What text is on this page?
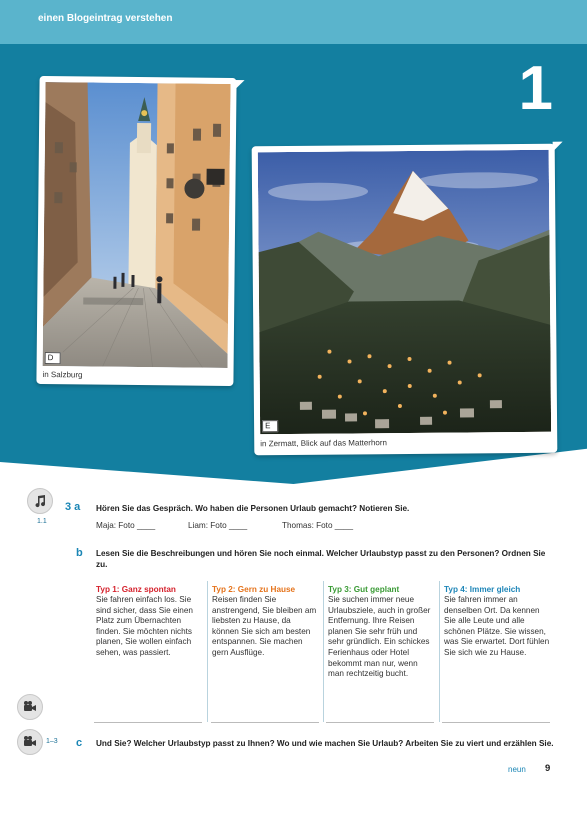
einen Blogeintrag verstehen
1
D
in Salzburg
E
in Zermatt, Blick auf das Matterhorn
1.1
3 a Hören Sie das Gespräch. Wo haben die Personen Urlaub gemacht? Notieren Sie.
Maja: Foto ____	Liam: Foto ____	Thomas: Foto ____
b Lesen Sie die Beschreibungen und hören Sie noch einmal. Welcher Urlaubstyp passt zu den Personen? Ordnen Sie zu.
Typ 1: Ganz spontan
Sie fahren einfach los. Sie sind sicher, dass Sie einen Platz zum Übernachten finden. Sie möchten nichts planen, Sie wollen einfach sehen, was passiert.
Typ 2: Gern zu Hause
Reisen finden Sie anstrengend, Sie bleiben am liebsten zu Hause, da können Sie sich am besten entspannen. Sie machen gern Ausflüge.
Typ 3: Gut geplant
Sie suchen immer neue Urlaubsziele, auch in großer Entfernung. Ihre Reisen planen Sie sehr früh und sehr gründlich. Ein schickes Ferienhaus oder Hotel bekommt man nur, wenn man rechtzeitig bucht.
Typ 4: Immer gleich
Sie fahren immer an denselben Ort. Da kennen Sie alle Leute und alle schönen Plätze. Sie wissen, was Sie erwartet. Dort fühlen Sie sich wie zu Hause.
1–3 c Und Sie? Welcher Urlaubstyp passt zu Ihnen? Wo und wie machen Sie Urlaub? Arbeiten Sie zu viert und erzählen Sie.
neun 9
